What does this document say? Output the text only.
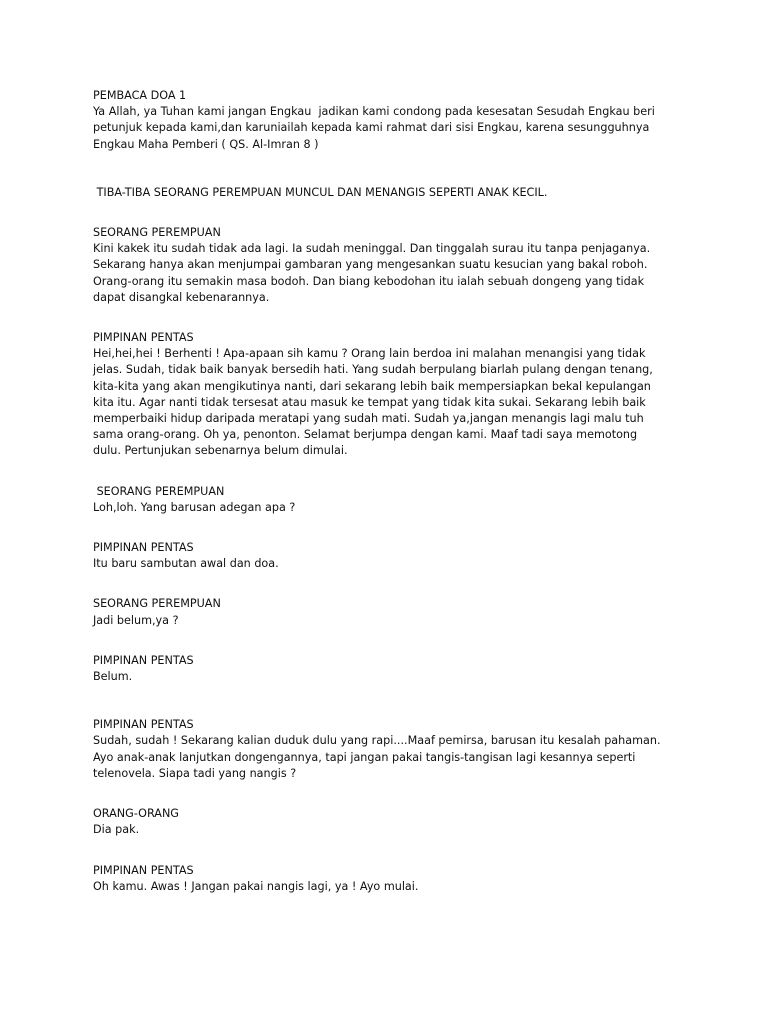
PEMBACA DOA 1

Ya Allah, ya Tuhan kami jangan Engkau  jadikan kami condong pada kesesatan Sesudah Engkau beri

petunjuk kepada kami,dan karuniailah kepada kami rahmat dari sisi Engkau, karena sesungguhnya

Engkau Maha Pemberi ( QS. Al-Imran 8 )

TIBA-TIBA SEORANG PEREMPUAN MUNCUL DAN MENANGIS SEPERTI ANAK KECIL.

SEORANG PEREMPUAN

Kini kakek itu sudah tidak ada lagi. Ia sudah meninggal. Dan tinggalah surau itu tanpa penjaganya.

Sekarang hanya akan menjumpai gambaran yang mengesankan suatu kesucian yang bakal roboh.

Orang-orang itu semakin masa bodoh. Dan biang kebodohan itu ialah sebuah dongeng yang tidak

dapat disangkal kebenarannya.

PIMPINAN PENTAS

Hei,hei,hei ! Berhenti ! Apa-apaan sih kamu ? Orang lain berdoa ini malahan menangisi yang tidak

jelas. Sudah, tidak baik banyak bersedih hati. Yang sudah berpulang biarlah pulang dengan tenang,

kita-kita yang akan mengikutinya nanti, dari sekarang lebih baik mempersiapkan bekal kepulangan

kita itu. Agar nanti tidak tersesat atau masuk ke tempat yang tidak kita sukai. Sekarang lebih baik

memperbaiki hidup daripada meratapi yang sudah mati. Sudah ya,jangan menangis lagi malu tuh

sama orang-orang. Oh ya, penonton. Selamat berjumpa dengan kami. Maaf tadi saya memotong

dulu. Pertunjukan sebenarnya belum dimulai.

SEORANG PEREMPUAN

Loh,loh. Yang barusan adegan apa ?

PIMPINAN PENTAS

Itu baru sambutan awal dan doa.

SEORANG PEREMPUAN

Jadi belum,ya ?

PIMPINAN PENTAS

Belum.

PIMPINAN PENTAS

Sudah, sudah ! Sekarang kalian duduk dulu yang rapi....Maaf pemirsa, barusan itu kesalah pahaman.

Ayo anak-anak lanjutkan dongengannya, tapi jangan pakai tangis-tangisan lagi kesannya seperti

telenovela. Siapa tadi yang nangis ?

ORANG-ORANG

Dia pak.

PIMPINAN PENTAS

Oh kamu. Awas ! Jangan pakai nangis lagi, ya ! Ayo mulai.
